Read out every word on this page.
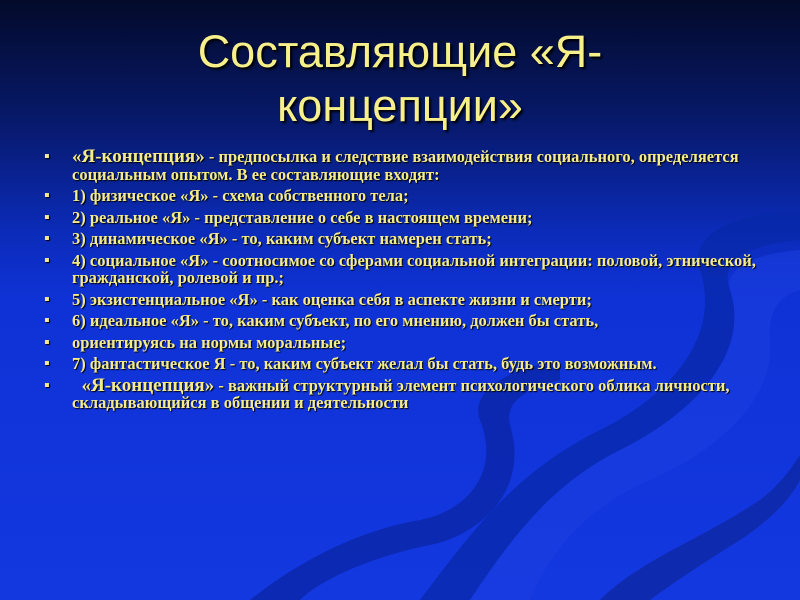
Составляющие «Я-
концепции»
▪ «Я-концепция» - предпосылка и следствие взаимодействия социального, определяется социальным опытом. В ее составляющие входят:
▪ 1) физическое «Я» - схема собственного тела;
▪ 2) реальное «Я» - представление о себе в настоящем времени;
▪ 3) динамическое «Я» - то, каким субъект намерен стать;
▪ 4) социальное «Я» - соотносимое со сферами социальной интеграции: половой, этнической, гражданской, ролевой и пр.;
▪ 5) экзистенциальное «Я» - как оценка себя в аспекте жизни и смерти;
▪ 6) идеальное «Я» - то, каким субъект, по его мнению, должен бы стать,
▪ ориентируясь на нормы моральные;
▪ 7) фантастическое Я - то, каким субъект желал бы стать, будь это возможным.
▪ «Я-концепция» - важный структурный элемент психологического облика личности, складывающийся в общении и деятельности
